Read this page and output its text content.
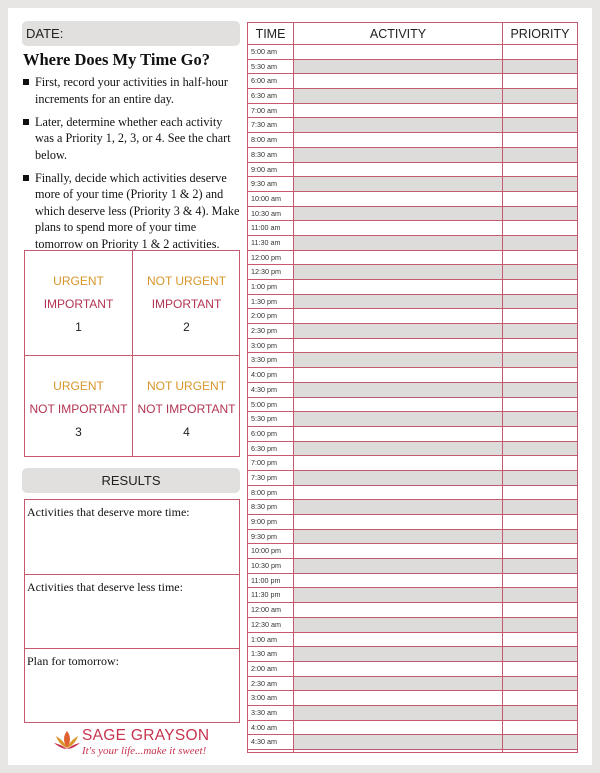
DATE:
Where Does My Time Go?
First, record your activities in half-hour increments for an entire day.
Later, determine whether each activity was a Priority 1, 2, 3, or 4. See the chart below.
Finally, decide which activities deserve more of your time (Priority 1 & 2) and which deserve less (Priority 3 & 4). Make plans to spend more of your time tomorrow on Priority 1 & 2 activities.
URGENT
IMPORTANT
1
NOT URGENT
IMPORTANT
2
URGENT
NOT IMPORTANT
3
NOT URGENT
NOT IMPORTANT
4
RESULTS
Activities that deserve more time:
Activities that deserve less time:
Plan for tomorrow:
SAGE GRAYSON
It's your life...make it sweet!
TIME	ACTIVITY	PRIORITY
5:00 am
5:30 am
6:00 am
6:30 am
7:00 am
7:30 am
8:00 am
8:30 am
9:00 am
9:30 am
10:00 am
10:30 am
11:00 am
11:30 am
12:00 pm
12:30 pm
1:00 pm
1:30 pm
2:00 pm
2:30 pm
3:00 pm
3:30 pm
4:00 pm
4:30 pm
5:00 pm
5:30 pm
6:00 pm
6:30 pm
7:00 pm
7:30 pm
8:00 pm
8:30 pm
9:00 pm
9:30 pm
10:00 pm
10:30 pm
11:00 pm
11:30 pm
12:00 am
12:30 am
1:00 am
1:30 am
2:00 am
2:30 am
3:00 am
3:30 am
4:00 am
4:30 am
